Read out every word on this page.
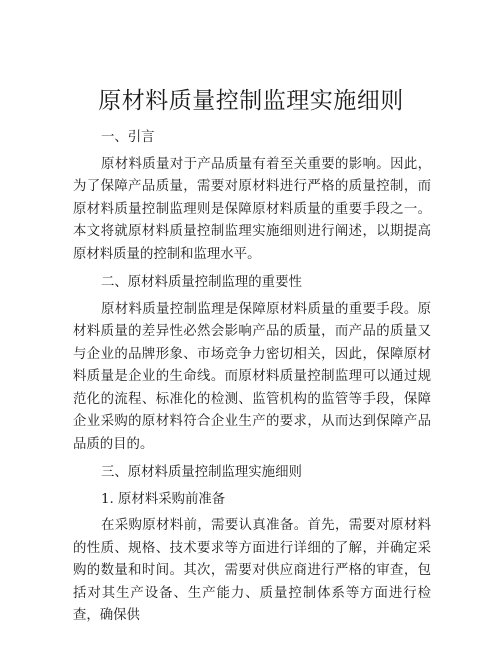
原材料质量控制监理实施细则
一、引言

原材料质量对于产品质量有着至关重要的影响。因此，为了保障产品质量，需要对原材料进行严格的质量控制，而原材料质量控制监理则是保障原材料质量的重要手段之一。本文将就原材料质量控制监理实施细则进行阐述，以期提高原材料质量的控制和监理水平。

二、原材料质量控制监理的重要性

原材料质量控制监理是保障原材料质量的重要手段。原材料质量的差异性必然会影响产品的质量，而产品的质量又与企业的品牌形象、市场竞争力密切相关，因此，保障原材料质量是企业的生命线。而原材料质量控制监理可以通过规范化的流程、标准化的检测、监管机构的监管等手段，保障企业采购的原材料符合企业生产的要求，从而达到保障产品品质的目的。

三、原材料质量控制监理实施细则
1. 原材料采购前准备

在采购原材料前，需要认真准备。首先，需要对原材料的性质、规格、技术要求等方面进行详细的了解，并确定采购的数量和时间。其次，需要对供应商进行严格的审查，包括对其生产设备、生产能力、质量控制体系等方面进行检查，确保供
